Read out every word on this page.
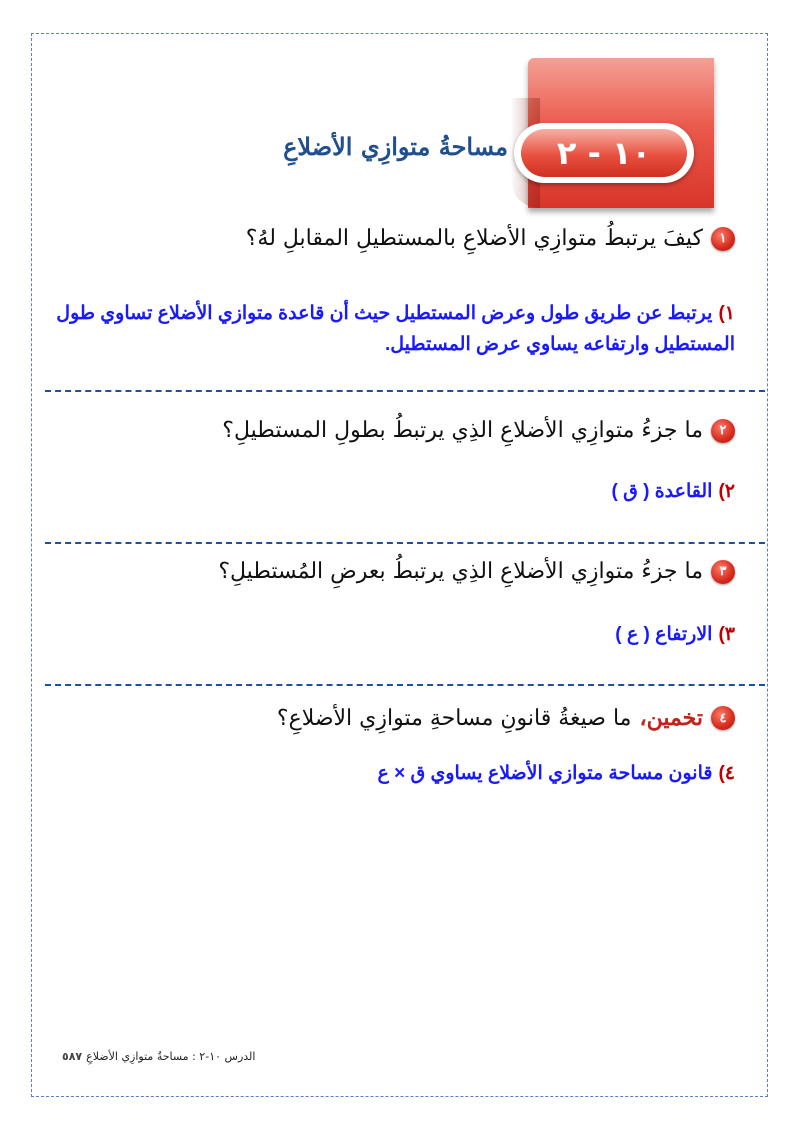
١٠ - ٢
مساحةُ متوازِي الأضلاعِ
١
كيفَ يرتبطُ متوازِي الأضلاعِ بالمستطيلِ المقابلِ لهُ؟
١)يرتبط عن طريق طول وعرض المستطيل حيث أن قاعدة متوازي الأضلاع تساوي طول المستطيل وارتفاعه يساوي عرض المستطيل.
٢
ما جزءُ متوازِي الأضلاعِ الذِي يرتبطُ بطولِ المستطيلِ؟
٢)القاعدة ( ق )
٣
ما جزءُ متوازِي الأضلاعِ الذِي يرتبطُ بعرضِ المُستطيلِ؟
٣)الارتفاع ( ع )
٤
تخمين،
ما صيغةُ قانونِ مساحةِ متوازِي الأضلاعِ؟
٤)قانون مساحة متوازي الأضلاع يساوي ق × ع
الدرس ١٠-٢ : مساحةُ متوازِي الأضلاعِ
٥٨٧
